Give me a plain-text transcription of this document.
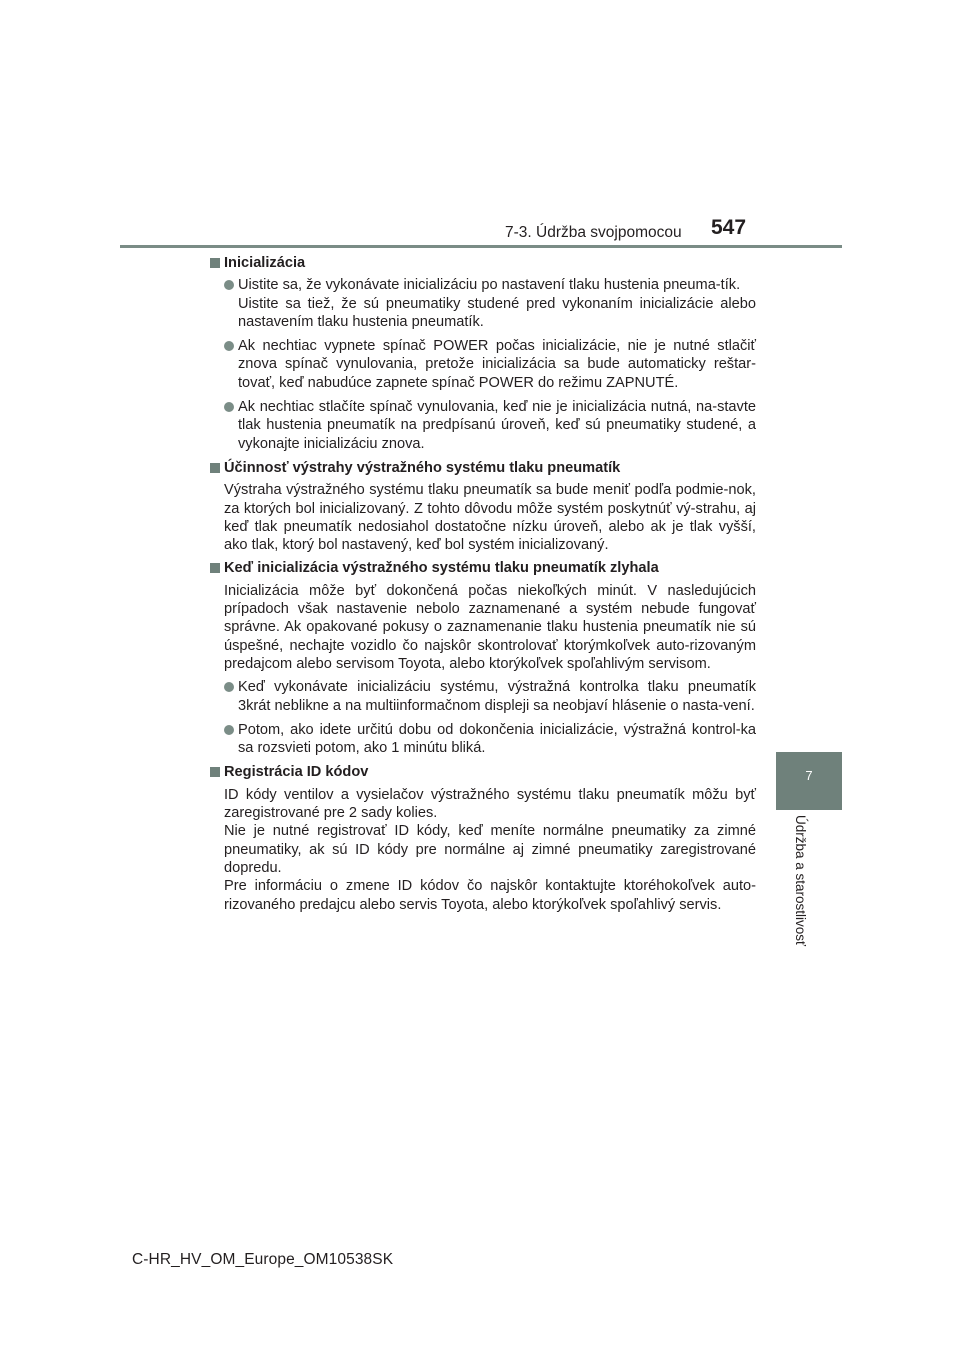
7-3. Údržba svojpomocou 547
7
Údržba a starostlivosť
Inicializácia
Uistite sa, že vykonávate inicializáciu po nastavení tlaku hustenia pneuma-tík.
Uistite sa tiež, že sú pneumatiky studené pred vykonaním inicializácie alebo nastavením tlaku hustenia pneumatík.
Ak nechtiac vypnete spínač POWER počas inicializácie, nie je nutné stlačiť znova spínač vynulovania, pretože inicializácia sa bude automaticky reštar-tovať, keď nabudúce zapnete spínač POWER do režimu ZAPNUTÉ.
Ak nechtiac stlačíte spínač vynulovania, keď nie je inicializácia nutná, na-stavte tlak hustenia pneumatík na predpísanú úroveň, keď sú pneumatiky studené, a vykonajte inicializáciu znova.
Účinnosť výstrahy výstražného systému tlaku pneumatík
Výstraha výstražného systému tlaku pneumatík sa bude meniť podľa podmie-nok, za ktorých bol inicializovaný. Z tohto dôvodu môže systém poskytnúť vý-strahu, aj keď tlak pneumatík nedosiahol dostatočne nízku úroveň, alebo ak je tlak vyšší, ako tlak, ktorý bol nastavený, keď bol systém inicializovaný.
Keď inicializácia výstražného systému tlaku pneumatík zlyhala
Inicializácia môže byť dokončená počas niekoľkých minút. V nasledujúcich prípadoch však nastavenie nebolo zaznamenané a systém nebude fungovať správne. Ak opakované pokusy o zaznamenanie tlaku hustenia pneumatík nie sú úspešné, nechajte vozidlo čo najskôr skontrolovať ktorýmkoľvek auto-rizovaným predajcom alebo servisom Toyota, alebo ktorýkoľvek spoľahlivým servisom.
Keď vykonávate inicializáciu systému, výstražná kontrolka tlaku pneumatík 3krát neblikne a na multiinformačnom displeji sa neobjaví hlásenie o nasta-vení.
Potom, ako idete určitú dobu od dokončenia inicializácie, výstražná kontrol-ka sa rozsvieti potom, ako 1 minútu bliká.
Registrácia ID kódov
ID kódy ventilov a vysielačov výstražného systému tlaku pneumatík môžu byť zaregistrované pre 2 sady kolies.
Nie je nutné registrovať ID kódy, keď meníte normálne pneumatiky za zimné pneumatiky, ak sú ID kódy pre normálne aj zimné pneumatiky zaregistrované dopredu.
Pre informáciu o zmene ID kódov čo najskôr kontaktujte ktoréhokoľvek auto-rizovaného predajcu alebo servis Toyota, alebo ktorýkoľvek spoľahlivý servis.
C-HR_HV_OM_Europe_OM10538SK
